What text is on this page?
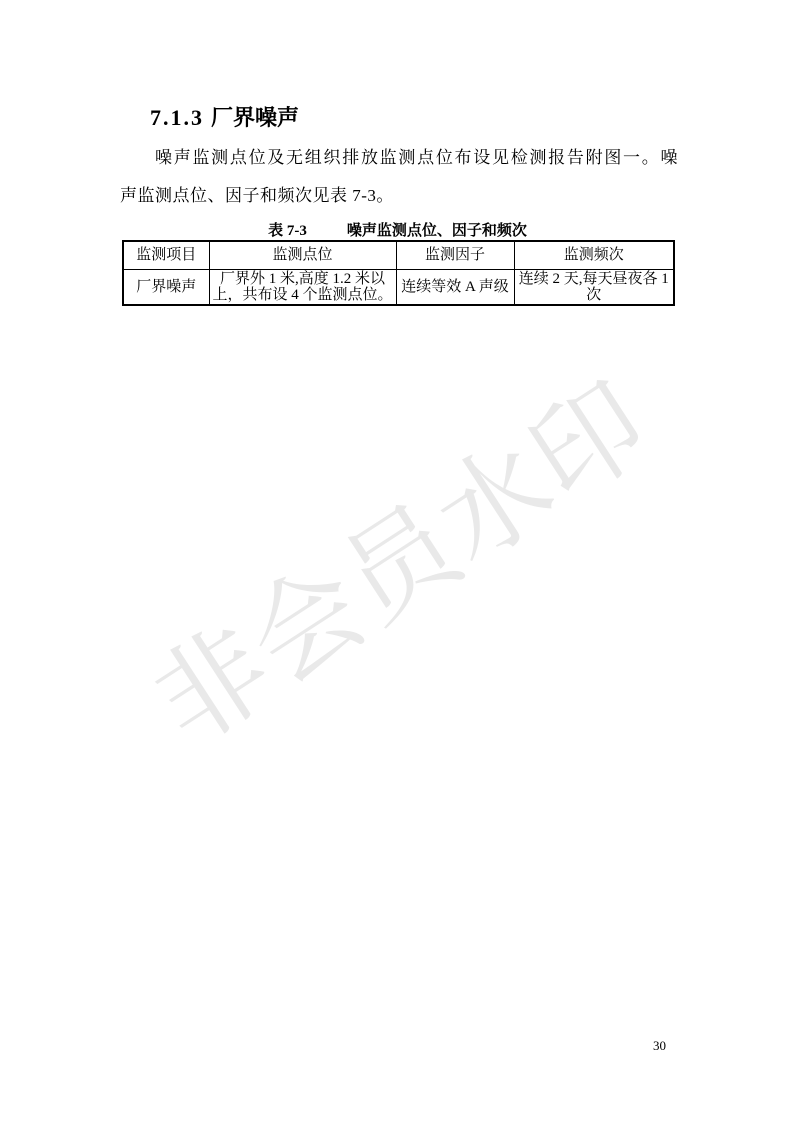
非会员水印
7.1.3 厂界噪声
噪声监测点位及无组织排放监测点位布设见检测报告附图一。噪
声监测点位、因子和频次见表 7-3。
表 7-3	噪声监测点位、因子和频次
监测项目	监测点位	监测因子	监测频次

厂界噪声	厂界外 1 米,高度 1.2 米以
上，共布设 4 个监测点位。	连续等效 A 声级	连续 2 天,每天昼夜各 1
次
30
